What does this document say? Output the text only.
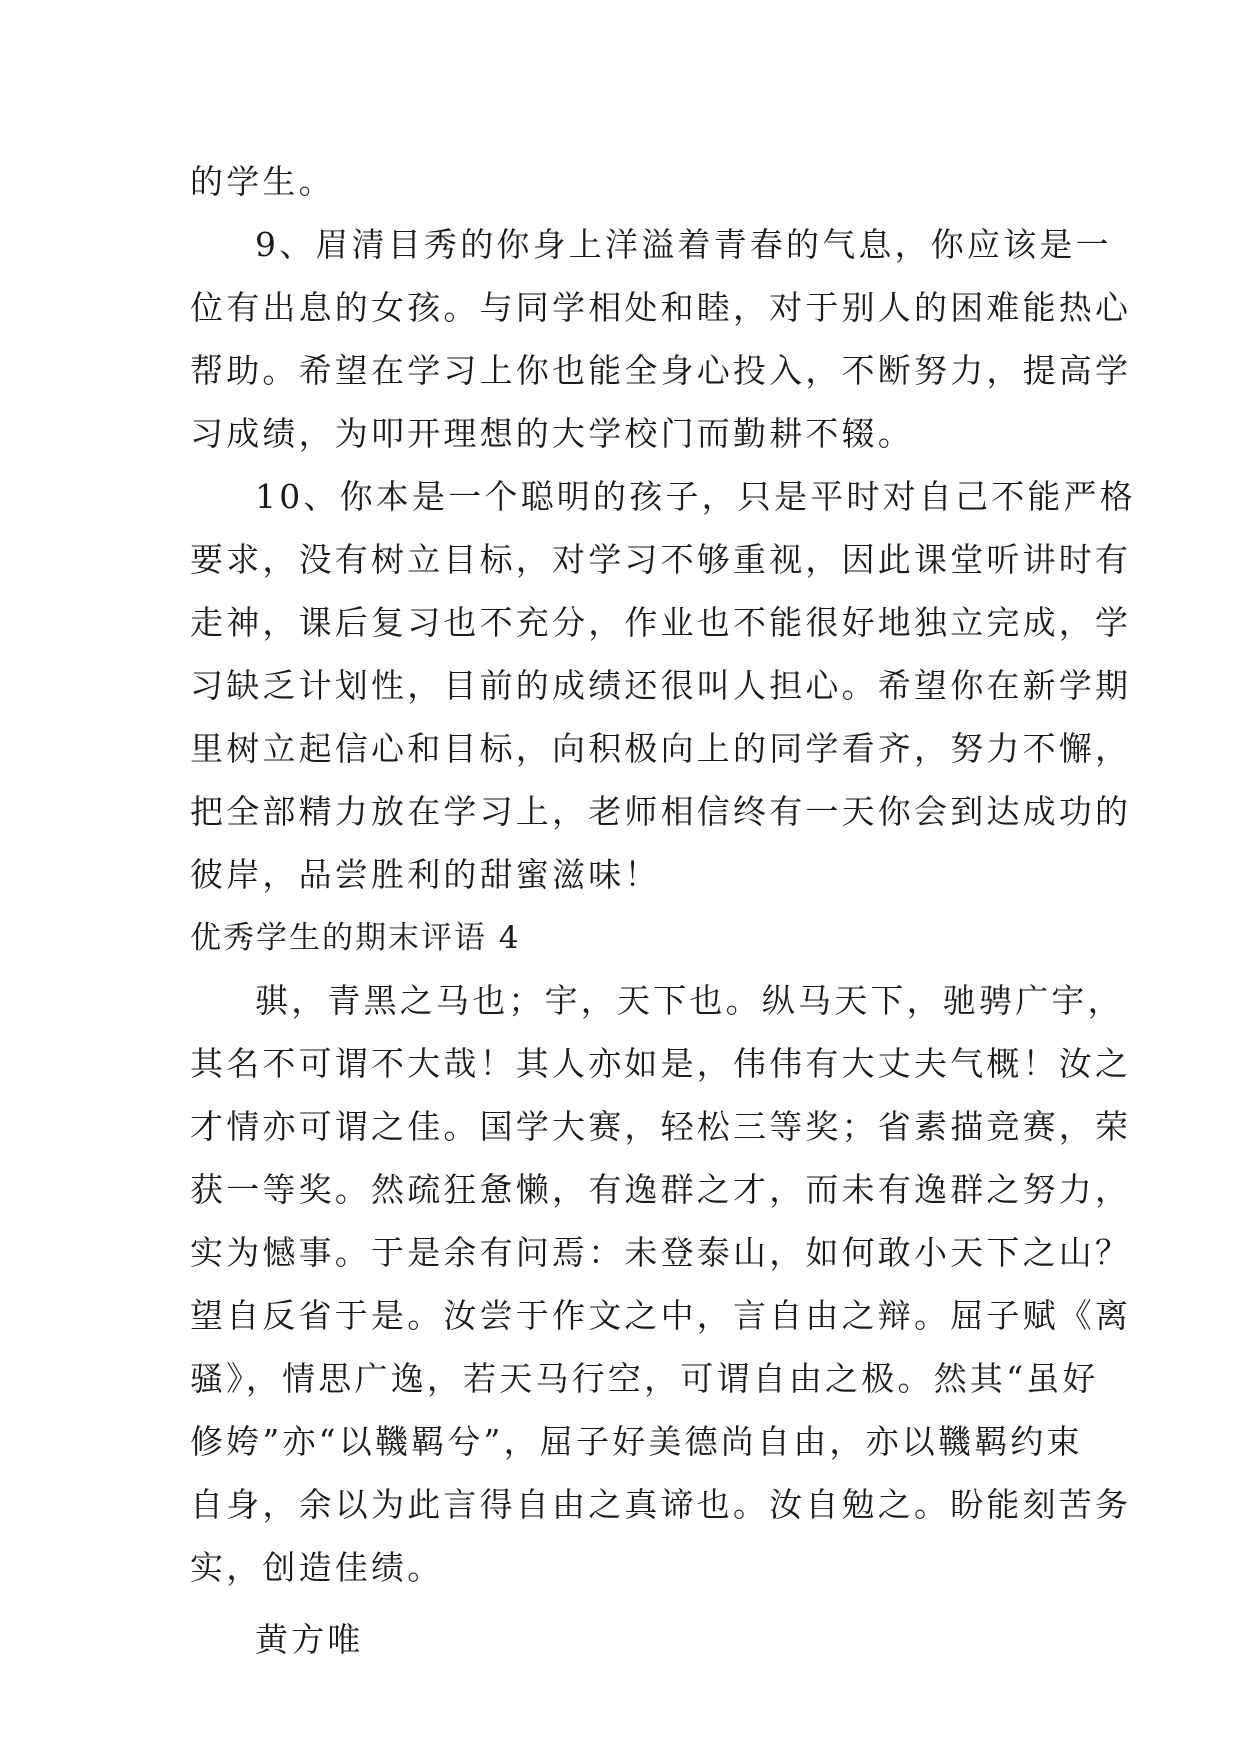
的学生。
9、眉清目秀的你身上洋溢着青春的气息，你应该是一
位有出息的女孩。与同学相处和睦，对于别人的困难能热心
帮助。希望在学习上你也能全身心投入，不断努力，提高学
习成绩，为叩开理想的大学校门而勤耕不辍。
10、你本是一个聪明的孩子，只是平时对自己不能严格
要求，没有树立目标，对学习不够重视，因此课堂听讲时有
走神，课后复习也不充分，作业也不能很好地独立完成，学
习缺乏计划性，目前的成绩还很叫人担心。希望你在新学期
里树立起信心和目标，向积极向上的同学看齐，努力不懈，
把全部精力放在学习上，老师相信终有一天你会到达成功的
彼岸，品尝胜利的甜蜜滋味！
优秀学生的期末评语 4
骐，青黑之马也；宇，天下也。纵马天下，驰骋广宇，
其名不可谓不大哉！其人亦如是，伟伟有大丈夫气概！汝之
才情亦可谓之佳。国学大赛，轻松三等奖；省素描竞赛，荣
获一等奖。然疏狂惫懒，有逸群之才，而未有逸群之努力，
实为憾事。于是余有问焉：未登泰山，如何敢小天下之山？
望自反省于是。汝尝于作文之中，言自由之辩。屈子赋《离
骚》，情思广逸，若天马行空，可谓自由之极。然其“虽好
修姱”亦“以鞿羁兮”，屈子好美德尚自由，亦以鞿羁约束
自身，余以为此言得自由之真谛也。汝自勉之。盼能刻苦务
实，创造佳绩。
黄方唯
